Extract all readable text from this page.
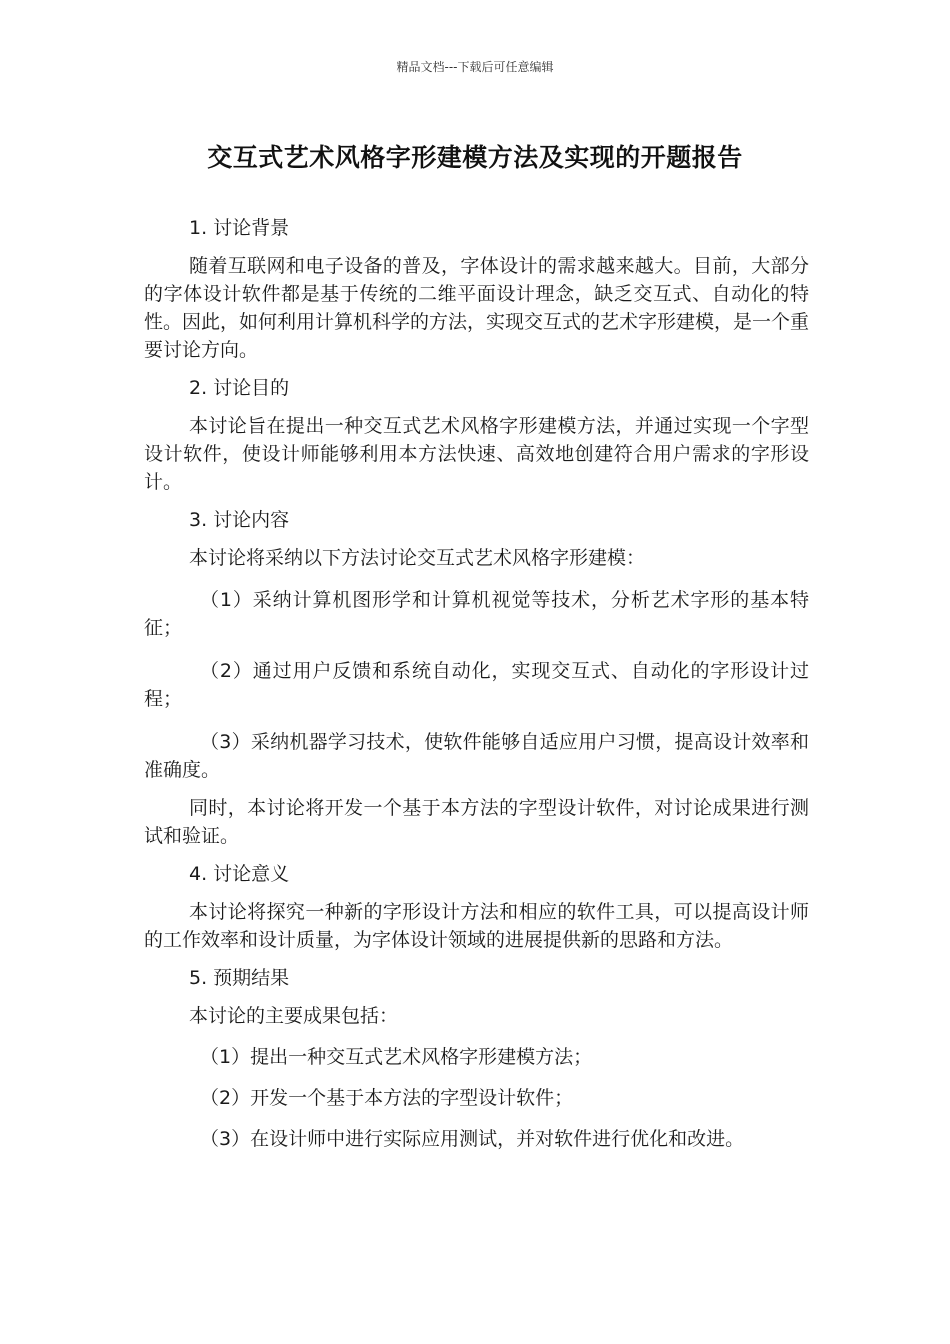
精品文档---下载后可任意编辑
交互式艺术风格字形建模方法及实现的开题报告
1. 讨论背景
随着互联网和电子设备的普及，字体设计的需求越来越大。目前，大部分的字体设计软件都是基于传统的二维平面设计理念，缺乏交互式、自动化的特性。因此，如何利用计算机科学的方法，实现交互式的艺术字形建模，是一个重要讨论方向。
2. 讨论目的
本讨论旨在提出一种交互式艺术风格字形建模方法，并通过实现一个字型设计软件，使设计师能够利用本方法快速、高效地创建符合用户需求的字形设计。
3. 讨论内容
本讨论将采纳以下方法讨论交互式艺术风格字形建模：
（1）采纳计算机图形学和计算机视觉等技术，分析艺术字形的基本特征；
（2）通过用户反馈和系统自动化，实现交互式、自动化的字形设计过程；
（3）采纳机器学习技术，使软件能够自适应用户习惯，提高设计效率和准确度。
同时，本讨论将开发一个基于本方法的字型设计软件，对讨论成果进行测试和验证。
4. 讨论意义
本讨论将探究一种新的字形设计方法和相应的软件工具，可以提高设计师的工作效率和设计质量，为字体设计领域的进展提供新的思路和方法。
5. 预期结果
本讨论的主要成果包括：
（1）提出一种交互式艺术风格字形建模方法；
（2）开发一个基于本方法的字型设计软件；
（3）在设计师中进行实际应用测试，并对软件进行优化和改进。
